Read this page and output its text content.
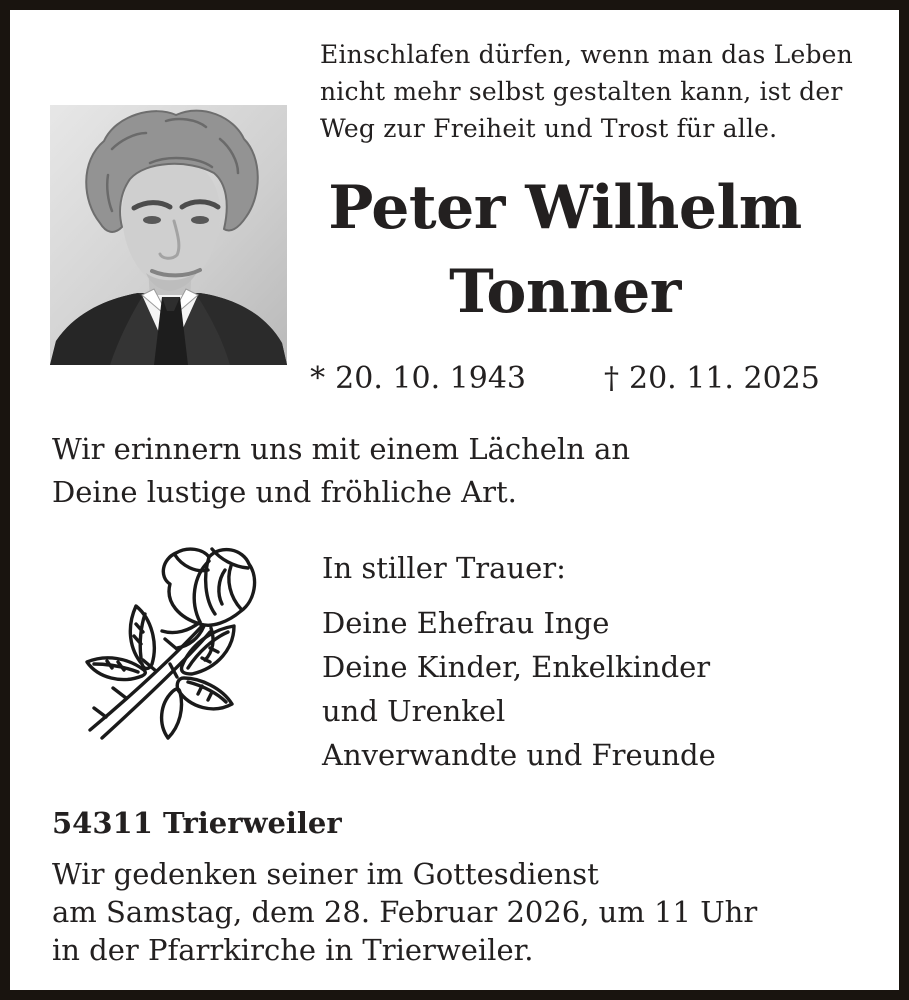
Einschlafen dürfen, wenn man das Leben
nicht mehr selbst gestalten kann, ist der
Weg zur Freiheit und Trost für alle.
Peter Wilhelm
Tonner
* 20. 10. 1943	† 20. 11. 2025
Wir erinnern uns mit einem Lächeln an
Deine lustige und fröhliche Art.
In stiller Trauer:
Deine Ehefrau Inge
Deine Kinder, Enkelkinder
und Urenkel
Anverwandte und Freunde
54311 Trierweiler
Wir gedenken seiner im Gottesdienst
am Samstag, dem 28. Februar 2026, um 11 Uhr
in der Pfarrkirche in Trierweiler.
